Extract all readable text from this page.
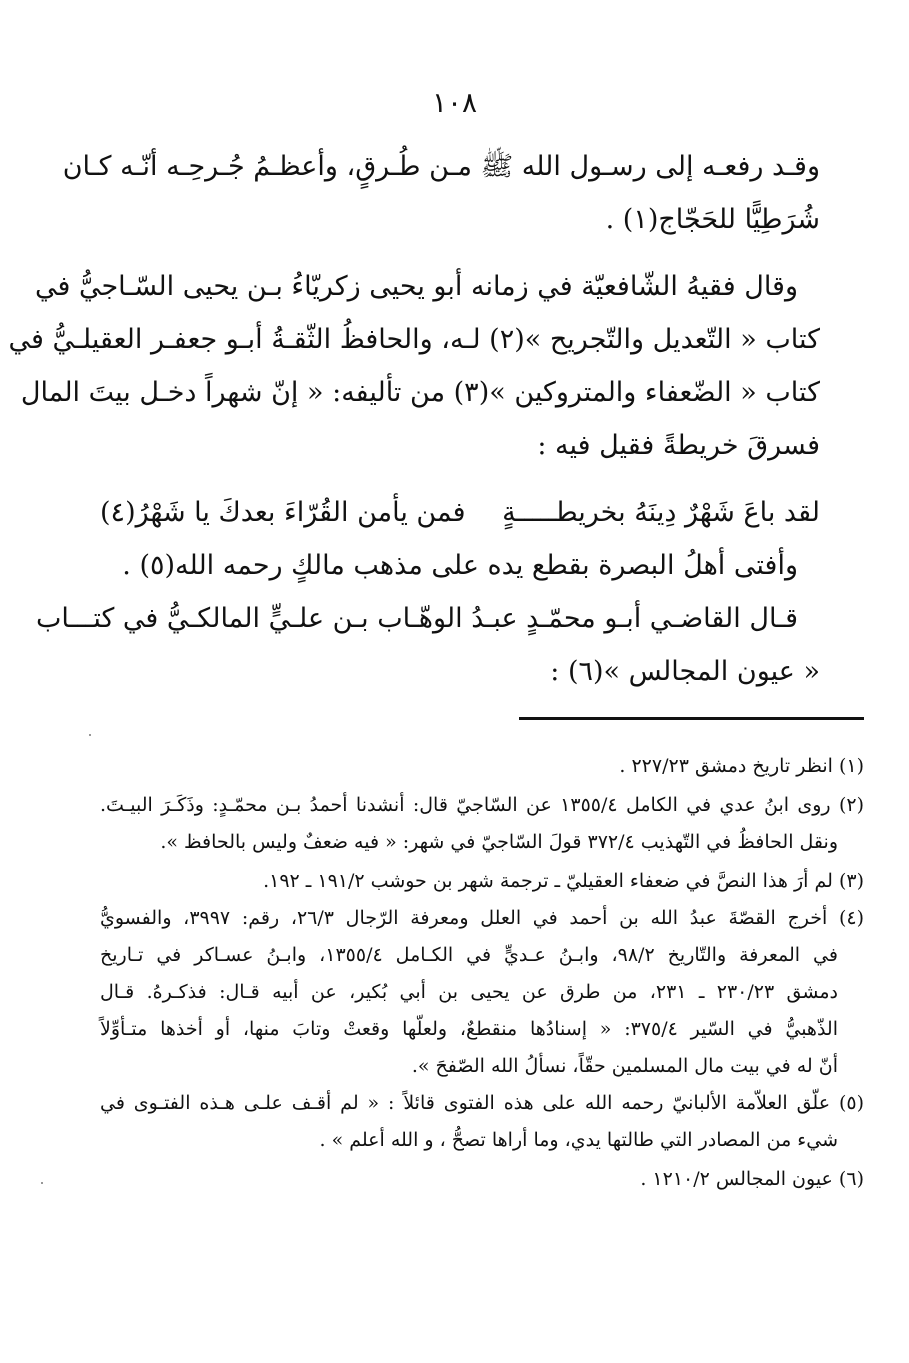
١٠٨
وقـد رفعـه إلى رسـول الله ﷺ مـن طُـرقٍ، وأعظـمُ جُـرحِـه أنّـه كـان
شُرَطِيًّا للحَجّاج(١) .
وقال فقيهُ الشّافعيّة في زمانه أبو يحيى زكريّاءُ بـن يحيى السّـاجيُّ في
كتاب « التّعديل والتّجريح »(٢) لـه، والحافظُ الثّقـةُ أبـو جعفـر العقيلـيُّ في
كتاب « الضّعفاء والمتروكين »(٣) من تأليفه: « إنّ شهراً دخـل بيتَ المال
فسرقَ خريطةً فقيل فيه :
لقد باعَ شَهْرٌ دِينَهُ بخريطـــــةٍ
فمن يأمن القُرّاءَ بعدكَ يا شَهْرُ(٤)
وأفتى أهلُ البصرة بقطع يده على مذهب مالكٍ رحمه الله(٥) .
قـال القاضـي أبـو محمّـدٍ عبـدُ الوهّـاب بـن علـيٍّ المالكـيُّ في كتـــاب
« عيون المجالس »(٦) :
(١) انظر تاريخ دمشق ٢٢٧/٢٣ .
(٢) روى ابنُ عدي في الكامل ١٣٥٥/٤ عن السّاجيّ قال: أنشدنا أحمدُ بـن محمّـدٍ: وذَكَـرَ البيـتَ.
ونقل الحافظُ في التّهذيب ٣٧٢/٤ قولَ السّاجيّ في شهر: « فيه ضعفٌ وليس بالحافظ ».
(٣) لم أرَ هذا النصَّ في ضعفاء العقيليّ ـ ترجمة شهر بن حوشب ١٩١/٢ ـ ١٩٢.
(٤) أخرج القصّةَ عبدُ الله بن أحمد في العلل ومعرفة الرّجال ٢٦/٣، رقم: ٣٩٩٧، والفسويُّ
في المعرفة والتّاريخ ٩٨/٢، وابـنُ عـديٍّ في الكـامل ١٣٥٥/٤، وابـنُ عسـاكر في تـاريخ
دمشق ٢٣٠/٢٣ ـ ٢٣١، من طرق عن يحيى بن أبي بُكير، عن أبيه قـال: فذكـرهُ. قـال
الذّهبيُّ في السّير ٣٧٥/٤: « إسنادُها منقطعٌ، ولعلّها وقعتْ وتابَ منها، أو أخذها متـأوِّلاً
أنّ له في بيت مال المسلمين حقّاً، نسألُ الله الصّفحَ ».
(٥) علّق العلاّمة الألبانيّ رحمه الله على هذه الفتوى قائلاً : « لم أقـف علـى هـذه الفتـوى في
شيء من المصادر التي طالتها يدي، وما أراها تصحُّ ، و الله أعلم » .
(٦) عيون المجالس ١٢١٠/٢ .
